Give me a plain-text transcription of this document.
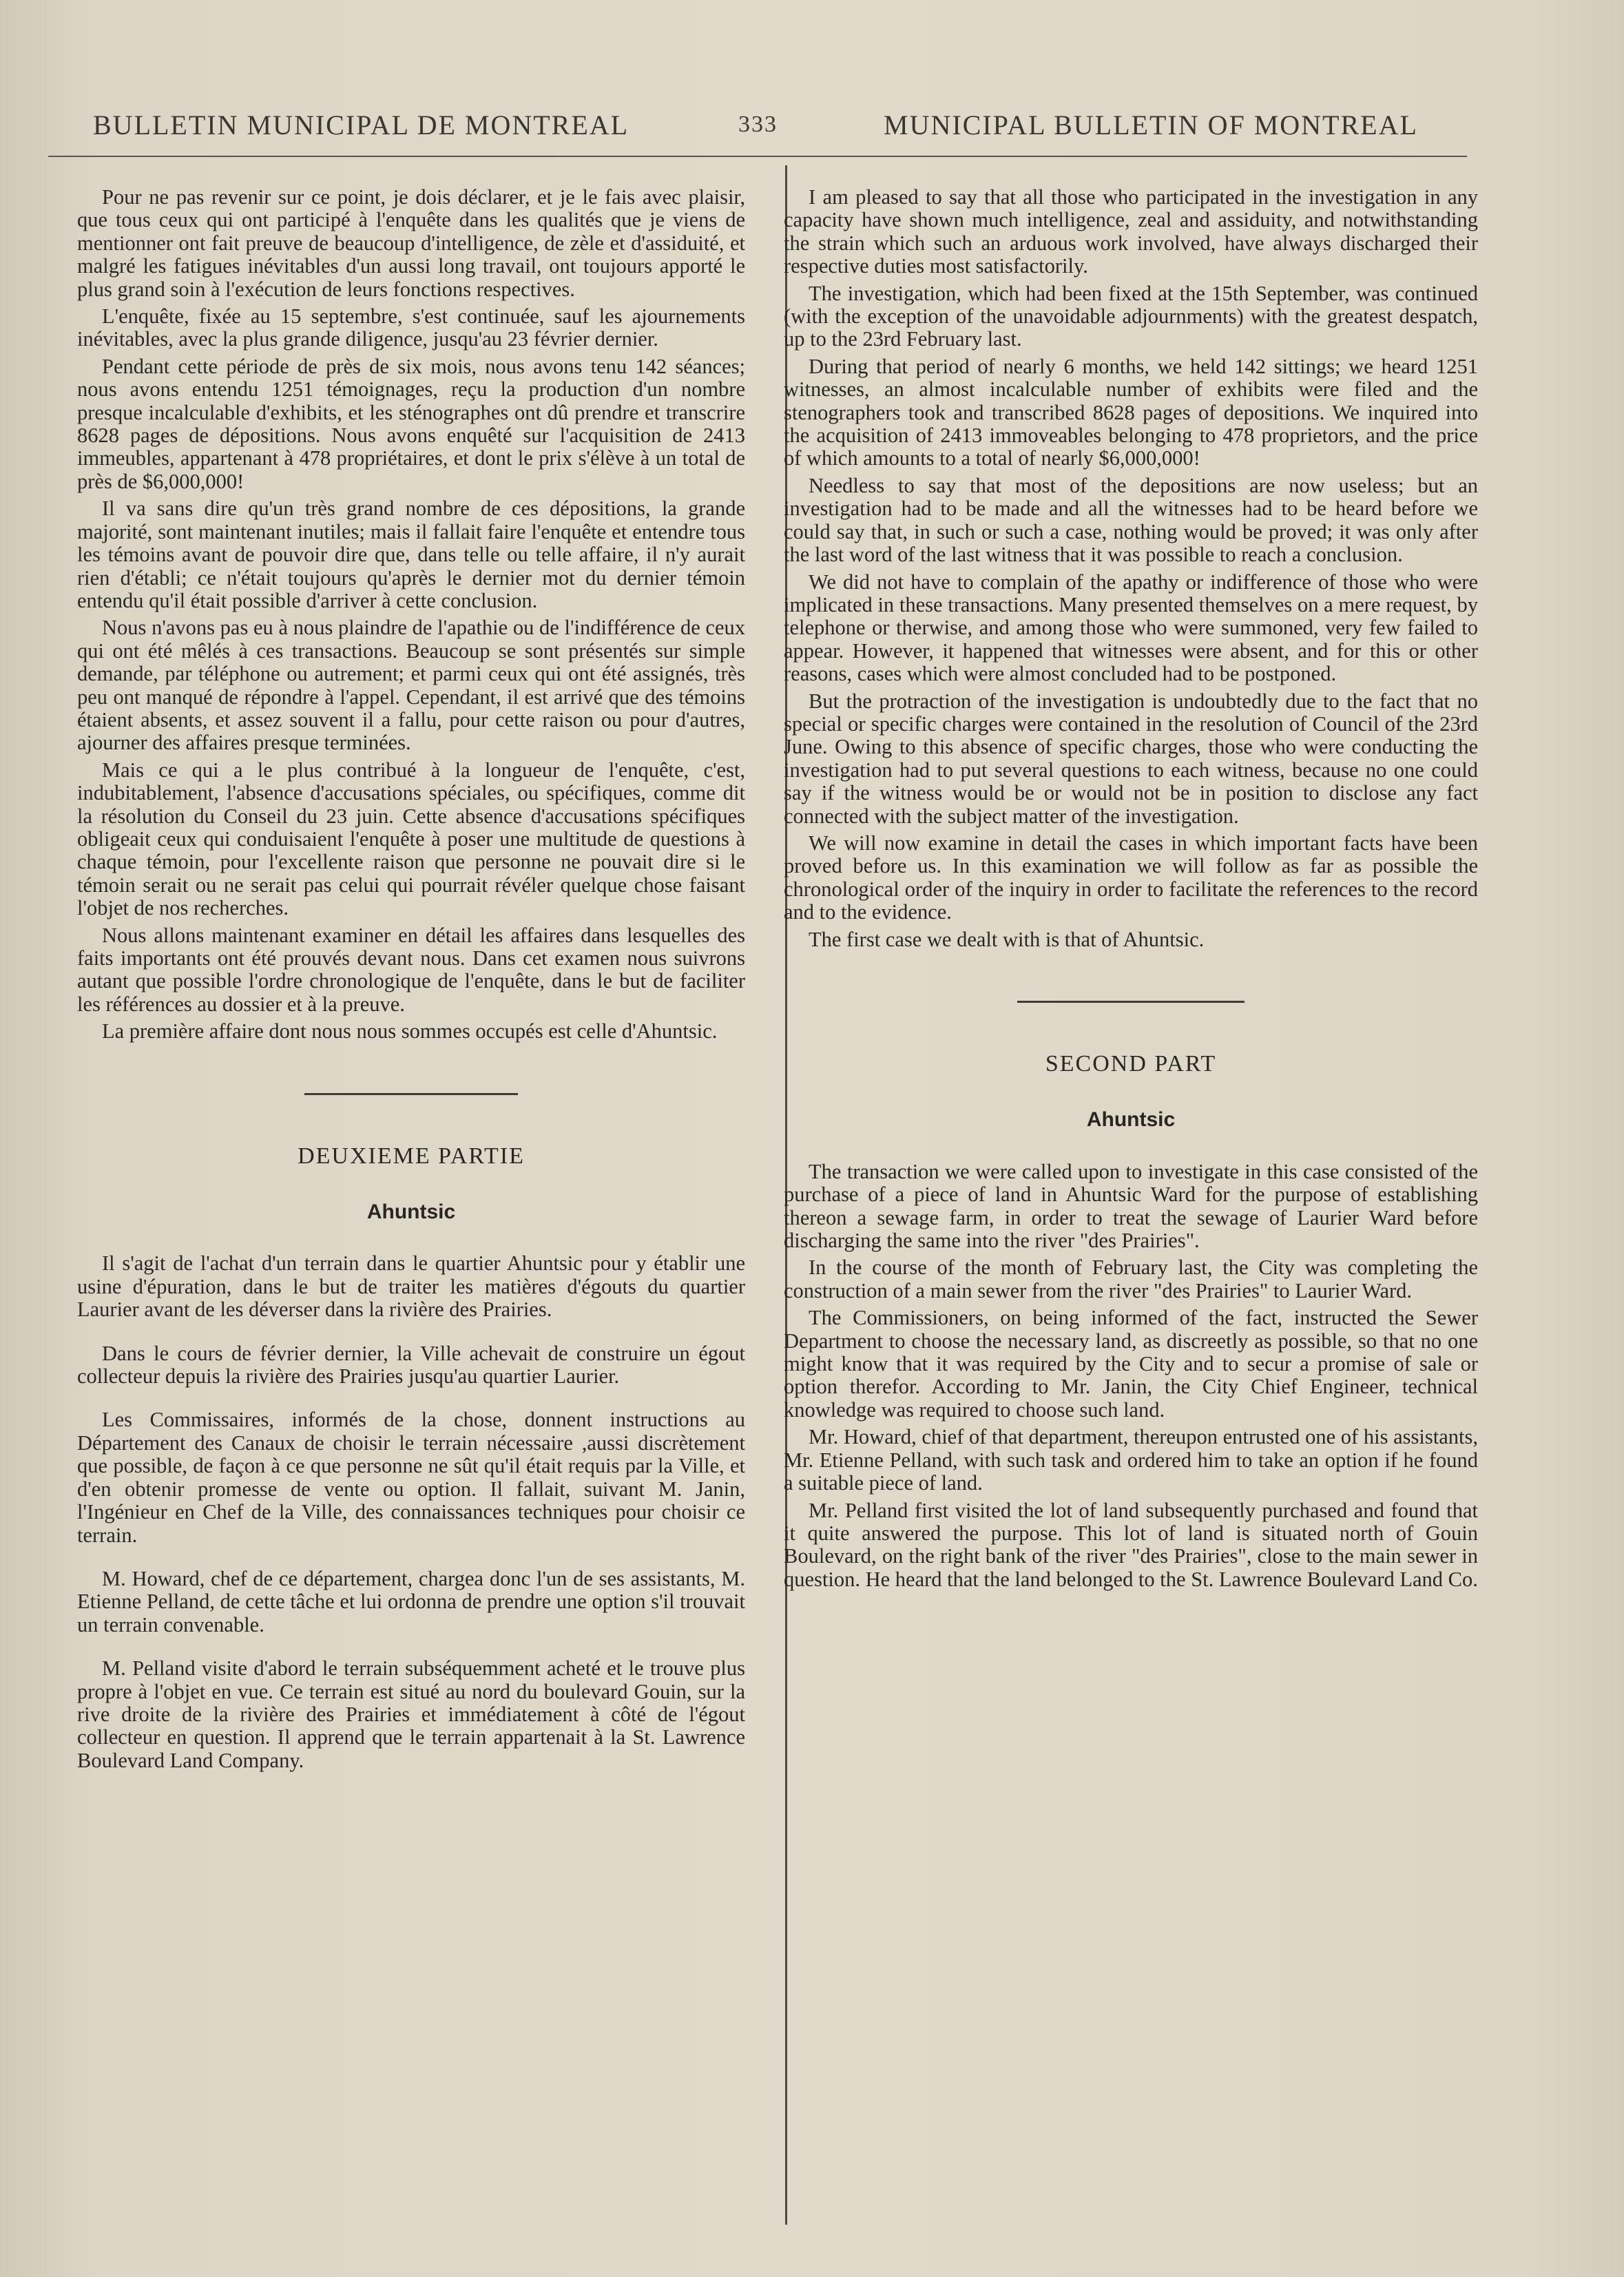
BULLETIN MUNICIPAL DE MONTREAL	333	MUNICIPAL BULLETIN OF MONTREAL

Pour ne pas revenir sur ce point, je dois déclarer, et je le fais avec plaisir, que tous ceux qui ont participé à l'enquête dans les qualités que je viens de mentionner ont fait preuve de beaucoup d'intelligence, de zèle et d'assiduité, et malgré les fatigues inévitables d'un aussi long travail, ont toujours apporté le plus grand soin à l'exécution de leurs fonctions respectives.

L'enquête, fixée au 15 septembre, s'est continuée, sauf les ajournements inévitables, avec la plus grande diligence, jusqu'au 23 février dernier.

Pendant cette période de près de six mois, nous avons tenu 142 séances; nous avons entendu 1251 témoignages, reçu la production d'un nombre presque incalculable d'exhibits, et les sténographes ont dû prendre et transcrire 8628 pages de dépositions. Nous avons enquêté sur l'acquisition de 2413 immeubles, appartenant à 478 propriétaires, et dont le prix s'élève à un total de près de $6,000,000!

Il va sans dire qu'un très grand nombre de ces dépositions, la grande majorité, sont maintenant inutiles; mais il fallait faire l'enquête et entendre tous les témoins avant de pouvoir dire que, dans telle ou telle affaire, il n'y aurait rien d'établi; ce n'était toujours qu'après le dernier mot du dernier témoin entendu qu'il était possible d'arriver à cette conclusion.

Nous n'avons pas eu à nous plaindre de l'apathie ou de l'indifférence de ceux qui ont été mêlés à ces transactions. Beaucoup se sont présentés sur simple demande, par téléphone ou autrement; et parmi ceux qui ont été assignés, très peu ont manqué de répondre à l'appel. Cependant, il est arrivé que des témoins étaient absents, et assez souvent il a fallu, pour cette raison ou pour d'autres, ajourner des affaires presque terminées.

Mais ce qui a le plus contribué à la longueur de l'enquête, c'est, indubitablement, l'absence d'accusations spéciales, ou spécifiques, comme dit la résolution du Conseil du 23 juin. Cette absence d'accusations spécifiques obligeait ceux qui conduisaient l'enquête à poser une multitude de questions à chaque témoin, pour l'excellente raison que personne ne pouvait dire si le témoin serait ou ne serait pas celui qui pourrait révéler quelque chose faisant l'objet de nos recherches.

Nous allons maintenant examiner en détail les affaires dans lesquelles des faits importants ont été prouvés devant nous. Dans cet examen nous suivrons autant que possible l'ordre chronologique de l'enquête, dans le but de faciliter les références au dossier et à la preuve.

La première affaire dont nous nous sommes occupés est celle d'Ahuntsic.

DEUXIEME PARTIE

Ahuntsic

Il s'agit de l'achat d'un terrain dans le quartier Ahuntsic pour y établir une usine d'épuration, dans le but de traiter les matières d'égouts du quartier Laurier avant de les déverser dans la rivière des Prairies.

Dans le cours de février dernier, la Ville achevait de construire un égout collecteur depuis la rivière des Prairies jusqu'au quartier Laurier.

Les Commissaires, informés de la chose, donnent instructions au Département des Canaux de choisir le terrain nécessaire ,aussi discrètement que possible, de façon à ce que personne ne sût qu'il était requis par la Ville, et d'en obtenir promesse de vente ou option. Il fallait, suivant M. Janin, l'Ingénieur en Chef de la Ville, des connaissances techniques pour choisir ce terrain.

M. Howard, chef de ce département, chargea donc l'un de ses assistants, M. Etienne Pelland, de cette tâche et lui ordonna de prendre une option s'il trouvait un terrain convenable.

M. Pelland visite d'abord le terrain subséquemment acheté et le trouve plus propre à l'objet en vue. Ce terrain est situé au nord du boulevard Gouin, sur la rive droite de la rivière des Prairies et immédiatement à côté de l'égout collecteur en question. Il apprend que le terrain appartenait à la St. Lawrence Boulevard Land Company.

I am pleased to say that all those who participated in the investigation in any capacity have shown much intelligence, zeal and assiduity, and notwithstanding the strain which such an arduous work involved, have always discharged their respective duties most satisfactorily.

The investigation, which had been fixed at the 15th September, was continued (with the exception of the unavoidable adjournments) with the greatest despatch, up to the 23rd February last.

During that period of nearly 6 months, we held 142 sittings; we heard 1251 witnesses, an almost incalculable number of exhibits were filed and the stenographers took and transcribed 8628 pages of depositions. We inquired into the acquisition of 2413 immoveables belonging to 478 proprietors, and the price of which amounts to a total of nearly $6,000,000!

Needless to say that most of the depositions are now useless; but an investigation had to be made and all the witnesses had to be heard before we could say that, in such or such a case, nothing would be proved; it was only after the last word of the last witness that it was possible to reach a conclusion.

We did not have to complain of the apathy or indifference of those who were implicated in these transactions. Many presented themselves on a mere request, by telephone or therwise, and among those who were summoned, very few failed to appear. However, it happened that witnesses were absent, and for this or other reasons, cases which were almost concluded had to be postponed.

But the protraction of the investigation is undoubtedly due to the fact that no special or specific charges were contained in the resolution of Council of the 23rd June. Owing to this absence of specific charges, those who were conducting the investigation had to put several questions to each witness, because no one could say if the witness would be or would not be in position to disclose any fact connected with the subject matter of the investigation.

We will now examine in detail the cases in which important facts have been proved before us. In this examination we will follow as far as possible the chronological order of the inquiry in order to facilitate the references to the record and to the evidence.

The first case we dealt with is that of Ahuntsic.

SECOND PART

Ahuntsic

The transaction we were called upon to investigate in this case consisted of the purchase of a piece of land in Ahuntsic Ward for the purpose of establishing thereon a sewage farm, in order to treat the sewage of Laurier Ward before discharging the same into the river "des Prairies".

In the course of the month of February last, the City was completing the construction of a main sewer from the river "des Prairies" to Laurier Ward.

The Commissioners, on being informed of the fact, instructed the Sewer Department to choose the necessary land, as discreetly as possible, so that no one might know that it was required by the City and to secur a promise of sale or option therefor. According to Mr. Janin, the City Chief Engineer, technical knowledge was required to choose such land.

Mr. Howard, chief of that department, thereupon entrusted one of his assistants, Mr. Etienne Pelland, with such task and ordered him to take an option if he found a suitable piece of land.

Mr. Pelland first visited the lot of land subsequently purchased and found that it quite answered the purpose. This lot of land is situated north of Gouin Boulevard, on the right bank of the river "des Prairies", close to the main sewer in question. He heard that the land belonged to the St. Lawrence Boulevard Land Co.
